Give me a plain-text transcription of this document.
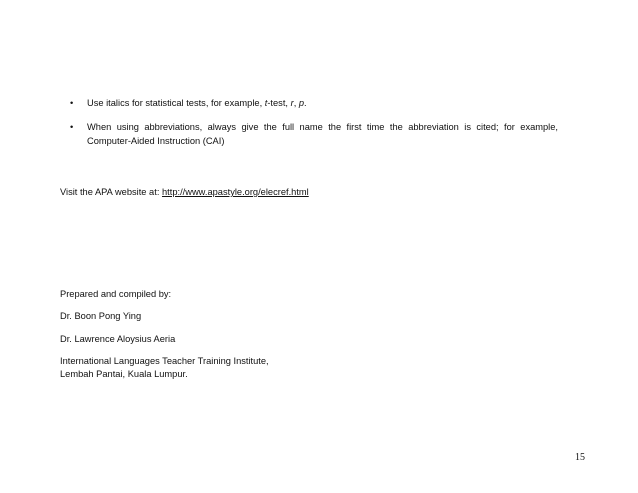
• Use italics for statistical tests, for example, t-test, r, p.
• When using abbreviations, always give the full name the first time the abbreviation is cited; for example,
Computer-Aided Instruction (CAI)
Visit the APA website at: http://www.apastyle.org/elecref.html
Prepared and compiled by:
Dr. Boon Pong Ying
Dr. Lawrence Aloysius Aeria
International Languages Teacher Training Institute,
Lembah Pantai, Kuala Lumpur.
15
